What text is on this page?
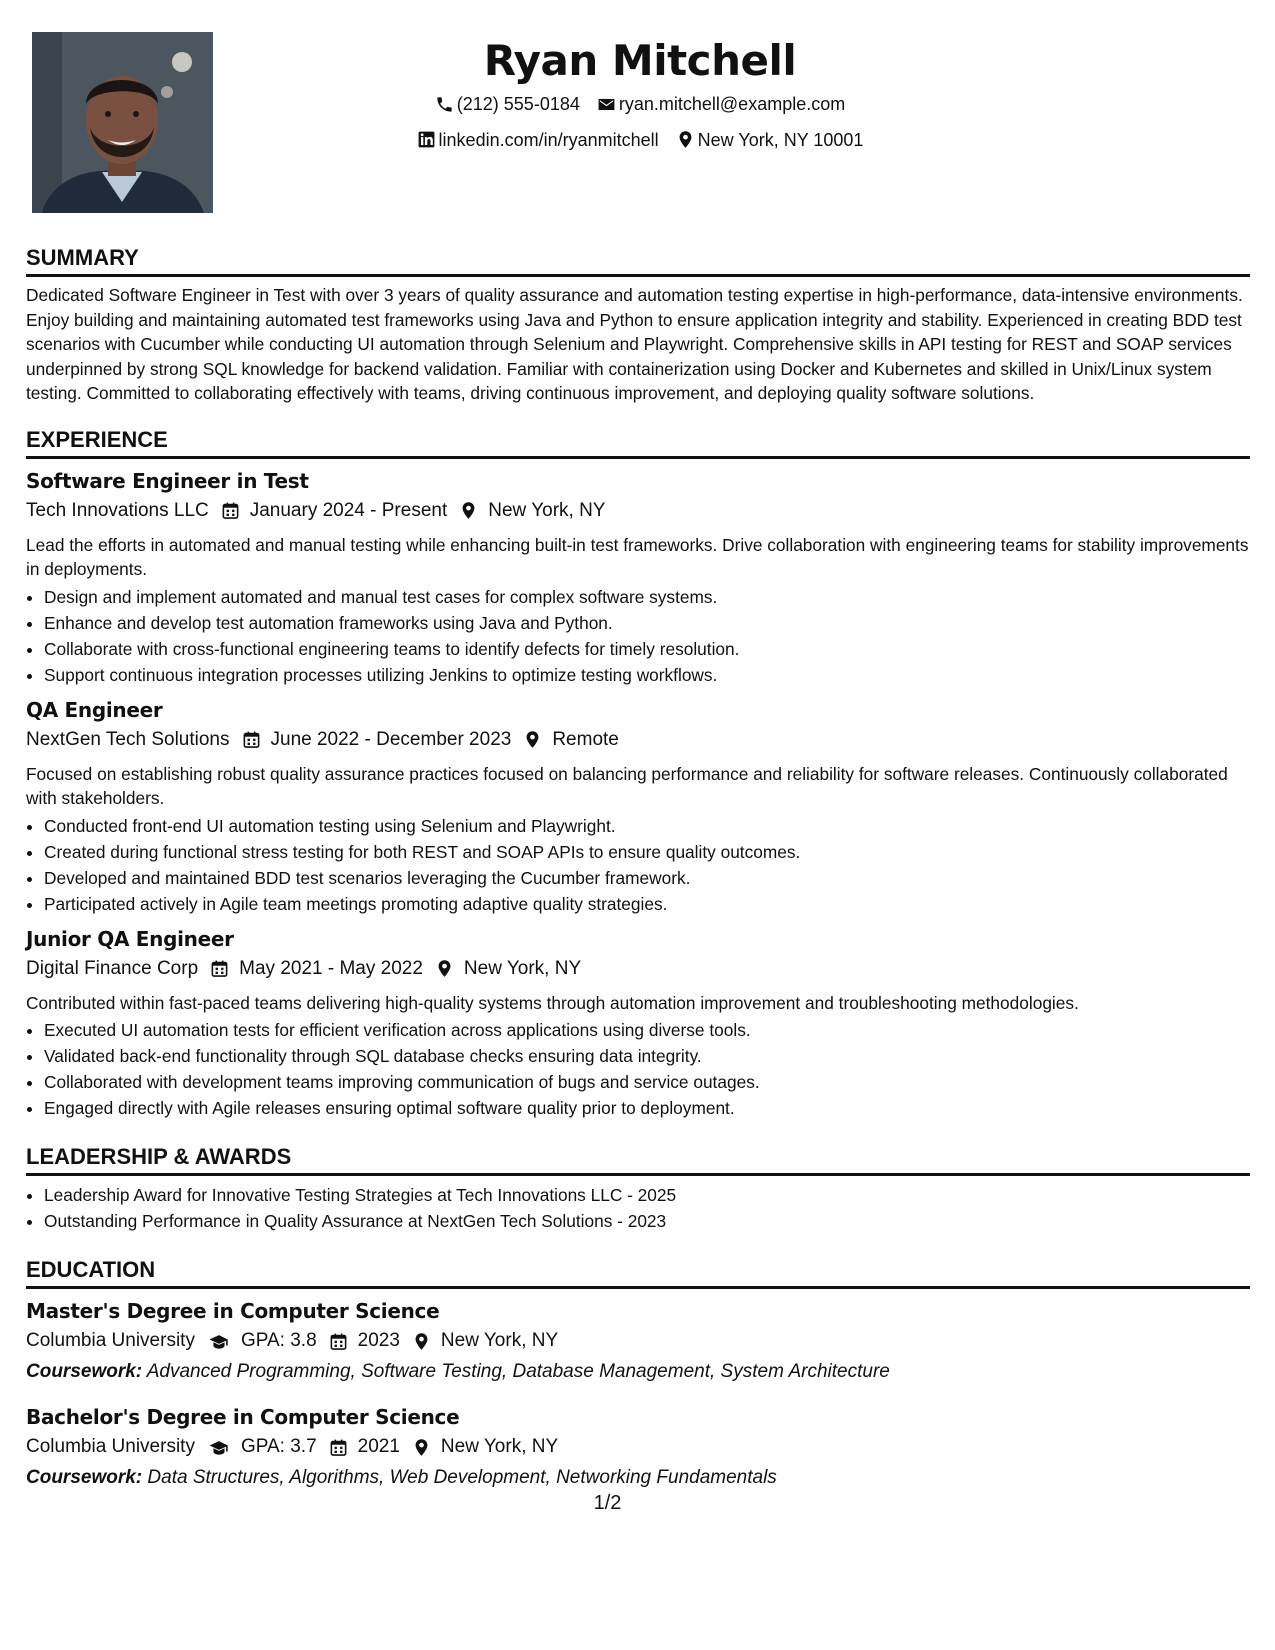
Ryan Mitchell
(212) 555-0184
ryan.mitchell@example.com
linkedin.com/in/ryanmitchell
New York, NY 10001
SUMMARY

Dedicated Software Engineer in Test with over 3 years of quality assurance and automation testing expertise in high-performance, data-intensive environments. Enjoy building and maintaining automated test frameworks using Java and Python to ensure application integrity and stability. Experienced in creating BDD test scenarios with Cucumber while conducting UI automation through Selenium and Playwright. Comprehensive skills in API testing for REST and SOAP services underpinned by strong SQL knowledge for backend validation. Familiar with containerization using Docker and Kubernetes and skilled in Unix/Linux system testing. Committed to collaborating effectively with teams, driving continuous improvement, and deploying quality software solutions.

EXPERIENCE
Software Engineer in Test
Tech Innovations LLC January 2024 - Present New York, NY

Lead the efforts in automated and manual testing while enhancing built-in test frameworks. Drive collaboration with engineering teams for stability improvements in deployments.

• Design and implement automated and manual test cases for complex software systems.
• Enhance and develop test automation frameworks using Java and Python.
• Collaborate with cross-functional engineering teams to identify defects for timely resolution.
• Support continuous integration processes utilizing Jenkins to optimize testing workflows.
QA Engineer
NextGen Tech Solutions June 2022 - December 2023 Remote

Focused on establishing robust quality assurance practices focused on balancing performance and reliability for software releases. Continuously collaborated with stakeholders.

• Conducted front-end UI automation testing using Selenium and Playwright.
• Created during functional stress testing for both REST and SOAP APIs to ensure quality outcomes.
• Developed and maintained BDD test scenarios leveraging the Cucumber framework.
• Participated actively in Agile team meetings promoting adaptive quality strategies.
Junior QA Engineer
Digital Finance Corp May 2021 - May 2022 New York, NY

Contributed within fast-paced teams delivering high-quality systems through automation improvement and troubleshooting methodologies.

• Executed UI automation tests for efficient verification across applications using diverse tools.
• Validated back-end functionality through SQL database checks ensuring data integrity.
• Collaborated with development teams improving communication of bugs and service outages.
• Engaged directly with Agile releases ensuring optimal software quality prior to deployment.
LEADERSHIP & AWARDS
• Leadership Award for Innovative Testing Strategies at Tech Innovations LLC - 2025
• Outstanding Performance in Quality Assurance at NextGen Tech Solutions - 2023
EDUCATION
Master's Degree in Computer Science
Columbia University GPA: 3.8 2023 New York, NY
Coursework: Advanced Programming, Software Testing, Database Management, System Architecture
Bachelor's Degree in Computer Science
Columbia University GPA: 3.7 2021 New York, NY
Coursework: Data Structures, Algorithms, Web Development, Networking Fundamentals
1/2
